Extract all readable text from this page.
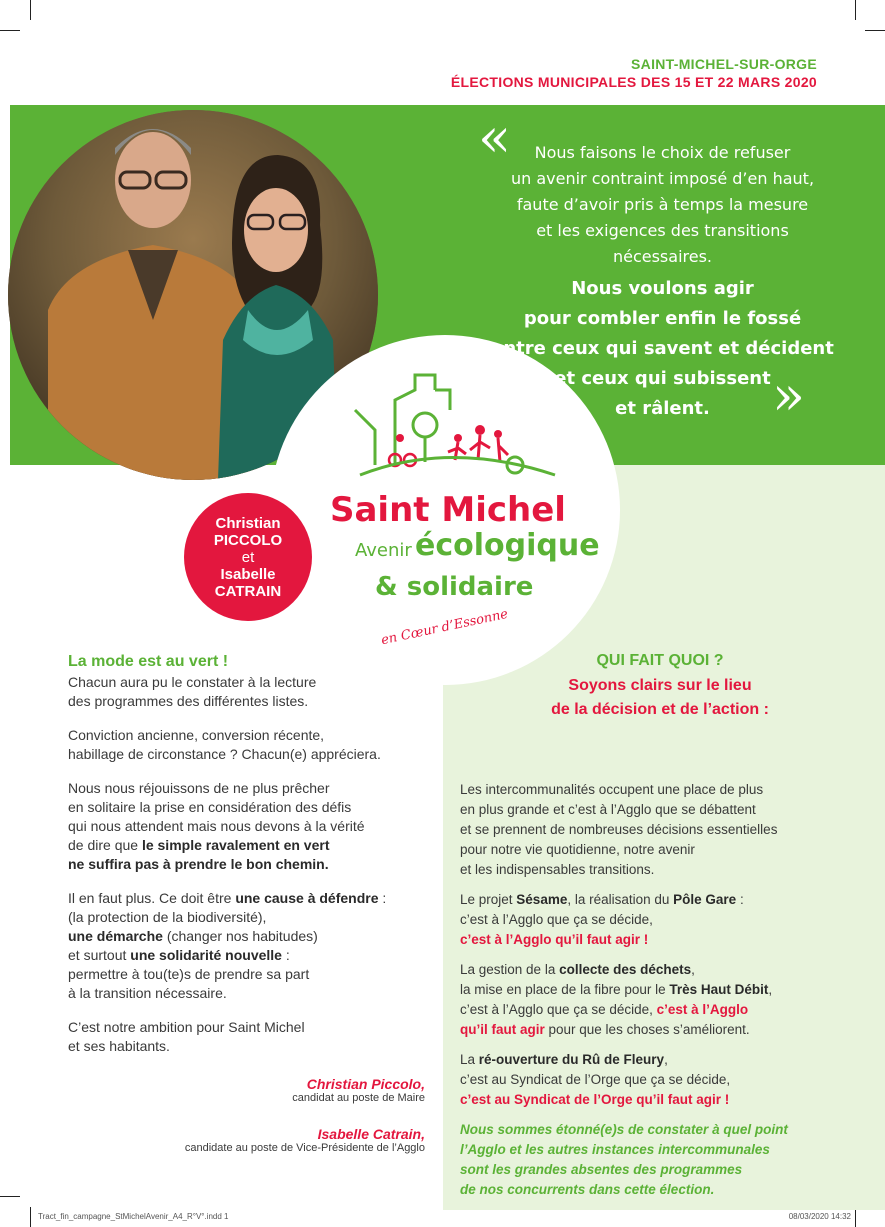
SAINT-MICHEL-SUR-ORGE
ÉLECTIONS MUNICIPALES DES 15 ET 22 MARS 2020
Saint Michel
Avenir écologique
& solidaire
en Cœur d’Essonne
Christian
PICCOLO
et
Isabelle
CATRAIN
«	Nous faisons le choix de refuser
un avenir contraint imposé d’en haut,
faute d’avoir pris à temps la mesure
et les exigences des transitions
nécessaires.
Nous voulons agir
pour combler enfin le fossé
entre ceux qui savent et décident
et ceux qui subissent
et râlent.	»
La mode est au vert !

Chacun aura pu le constater à la lecture
des programmes des différentes listes.

Conviction ancienne, conversion récente,
habillage de circonstance ? Chacun(e) appréciera.

Nous nous réjouissons de ne plus prêcher
en solitaire la prise en considération des défis
qui nous attendent mais nous devons à la vérité
de dire que le simple ravalement en vert
ne suffira pas à prendre le bon chemin.

Il en faut plus. Ce doit être une cause à défendre :
(la protection de la biodiversité),
une démarche (changer nos habitudes)
et surtout une solidarité nouvelle :
permettre à tou(te)s de prendre sa part
à la transition nécessaire.

C’est notre ambition pour Saint Michel
et ses habitants.

Christian Piccolo,
candidat au poste de Maire
Isabelle Catrain,
candidate au poste de Vice-Présidente de l’Agglo
QUI FAIT QUOI ?
Soyons clairs sur le lieu
de la décision et de l’action :

Les intercommunalités occupent une place de plus
en plus grande et c’est à l’Agglo que se débattent
et se prennent de nombreuses décisions essentielles
pour notre vie quotidienne, notre avenir
et les indispensables transitions.

Le projet Sésame, la réalisation du Pôle Gare :
c’est à l’Agglo que ça se décide,
c’est à l’Agglo qu’il faut agir !

La gestion de la collecte des déchets,
la mise en place de la fibre pour le Très Haut Débit,
c’est à l’Agglo que ça se décide, c’est à l’Agglo
qu’il faut agir pour que les choses s’améliorent.

La ré-ouverture du Rû de Fleury,
c’est au Syndicat de l’Orge que ça se décide,
c’est au Syndicat de l’Orge qu’il faut agir !

Nous sommes étonné(e)s de constater à quel point
l’Agglo et les autres instances intercommunales
sont les grandes absentes des programmes
de nos concurrents dans cette élection.

Tract_fin_campagne_StMichelAvenir_A4_R°V°.indd 1	08/03/2020 14:32
